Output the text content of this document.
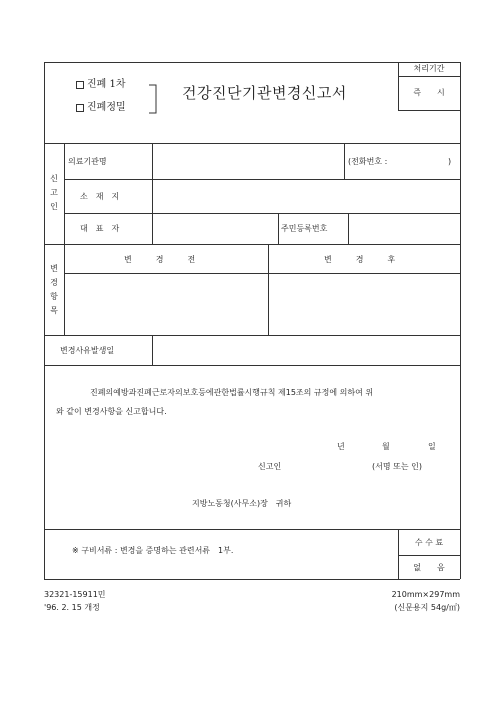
진폐 1차
진폐정밀
건강진단기관변경신고서
처리기간
즉　　시
신
고
인
의료기관명	(전화번호 :	)
소　재　지
대　표　자	주민등록번호
변
경
항
목
변　　　경　　　전	변　　　경　　　후
변경사유발생일
진폐의예방과진폐근로자의보호등에관한법률시행규칙 제15조의 규정에 의하여 위
와 같이 변경사항을 신고합니다.
년	월	일
신고인	(서명 또는 인)
지방노동청(사무소)장　귀하
※ 구비서류 : 변경을 증명하는 관련서류　1부.
수 수 료
없　　음
32321-15911민
'96. 2. 15 개정
210mm×297mm
(신문용지 54g/㎡)
